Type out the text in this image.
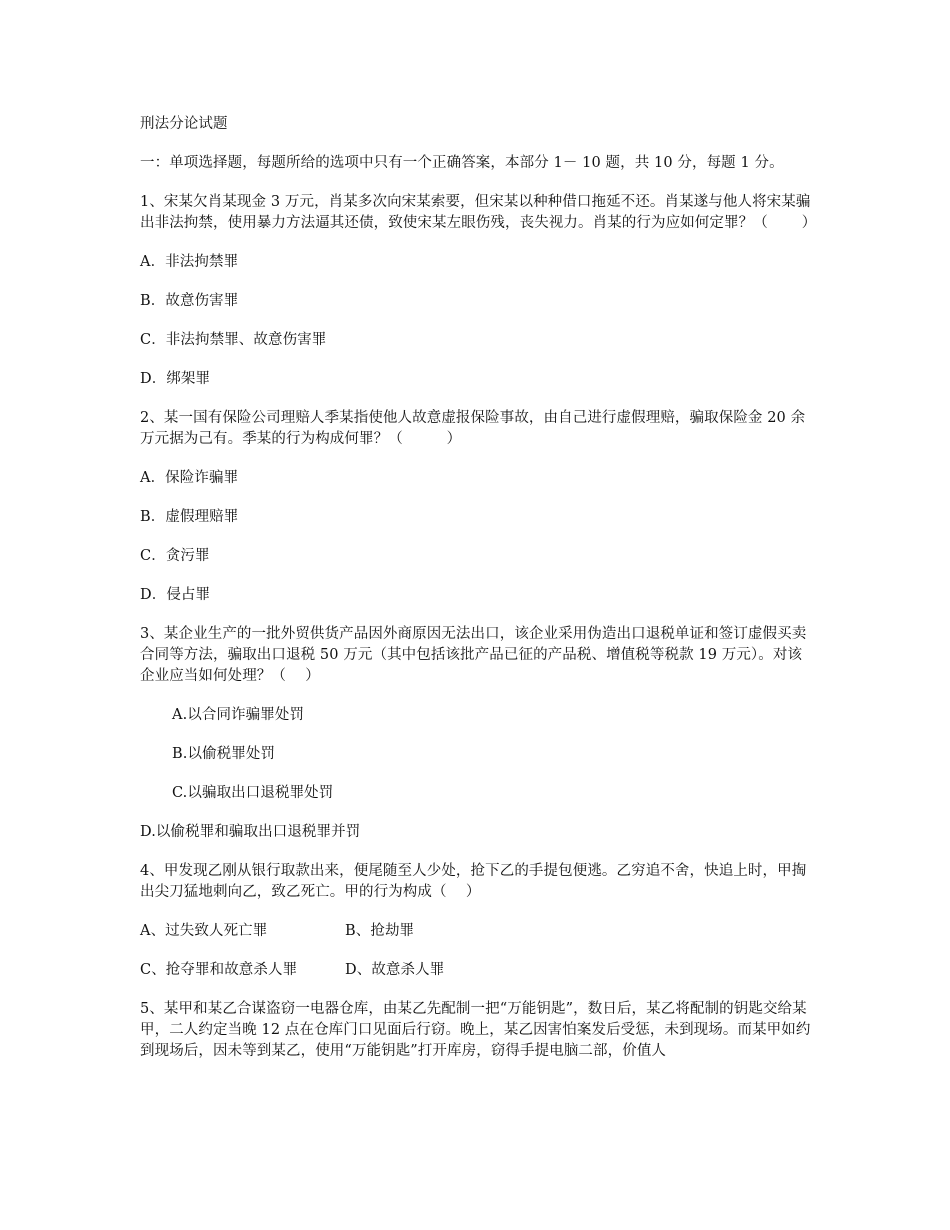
刑法分论试题
一：单项选择题，每题所给的选项中只有一个正确答案，本部分 1－ 10 题，共 10 分，每题 1 分。
1、宋某欠肖某现金 3 万元，肖某多次向宋某索要，但宋某以种种借口拖延不还。肖某遂与他人将宋某骗出非法拘禁，使用暴力方法逼其还债，致使宋某左眼伤残，丧失视力。肖某的行为应如何定罪？（　　 ）
A．非法拘禁罪
B．故意伤害罪
C．非法拘禁罪、故意伤害罪
D．绑架罪
2、某一国有保险公司理赔人季某指使他人故意虚报保险事故，由自己进行虚假理赔，骗取保险金 20 余万元据为己有。季某的行为构成何罪？（　　　）
A．保险诈骗罪
B．虚假理赔罪
C．贪污罪
D．侵占罪
3、某企业生产的一批外贸供货产品因外商原因无法出口，该企业采用伪造出口退税单证和签订虚假买卖合同等方法，骗取出口退税 50 万元（其中包括该批产品已征的产品税、增值税等税款 19 万元）。对该企业应当如何处理？（　 ）
A.以合同诈骗罪处罚
B.以偷税罪处罚
C.以骗取出口退税罪处罚
D.以偷税罪和骗取出口退税罪并罚
4、甲发现乙刚从银行取款出来，便尾随至人少处，抢下乙的手提包便逃。乙穷追不舍，快追上时，甲掏出尖刀猛地刺向乙，致乙死亡。甲的行为构成（　 ）
A、过失致人死亡罪	B、抢劫罪
C、抢夺罪和故意杀人罪	D、故意杀人罪
5、某甲和某乙合谋盗窃一电器仓库，由某乙先配制一把“万能钥匙”，数日后，某乙将配制的钥匙交给某甲，二人约定当晚 12 点在仓库门口见面后行窃。晚上，某乙因害怕案发后受惩，未到现场。而某甲如约到现场后，因未等到某乙，使用“万能钥匙”打开库房，窃得手提电脑二部，价值人
